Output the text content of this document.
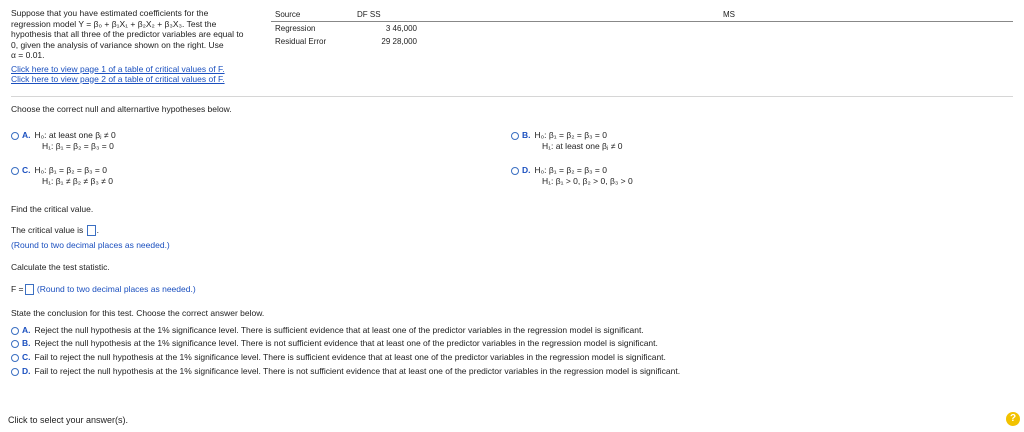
Suppose that you have estimated coefficients for the
regression model Y = β₀ + β₁X₁ + β₂X₂ + β₃X₃. Test the
hypothesis that all three of the predictor variables are equal to
0, given the analysis of variance shown on the right. Use
α = 0.01.
Click here to view page 1 of a table of critical values of F.
Click here to view page 2 of a table of critical values of F.
Source	DF SS		MS
Regression	3 46,000		
Residual Error	29 28,000		
Choose the correct null and alternartive hypotheses below.
A. H₀: at least one βⱼ ≠ 0
H₁: β₁ = β₂ = β₃ = 0
B. H₀: β₁ = β₂ = β₃ = 0
H₁: at least one βⱼ ≠ 0
C. H₀: β₁ = β₂ = β₃ = 0
H₁: β₁ ≠ β₂ ≠ β₃ ≠ 0
D. H₀: β₁ = β₂ = β₃ = 0
H₁: β₁ > 0, β₂ > 0, β₃ > 0
Find the critical value.
The critical value is .
(Round to two decimal places as needed.)
Calculate the test statistic.
F = (Round to two decimal places as needed.)
State the conclusion for this test. Choose the correct answer below.
A. Reject the null hypothesis at the 1% significance level. There is sufficient evidence that at least one of the predictor variables in the regression model is significant.
B. Reject the null hypothesis at the 1% significance level. There is not sufficient evidence that at least one of the predictor variables in the regression model is significant.
C. Fail to reject the null hypothesis at the 1% significance level. There is sufficient evidence that at least one of the predictor variables in the regression model is significant.
D. Fail to reject the null hypothesis at the 1% significance level. There is not sufficient evidence that at least one of the predictor variables in the regression model is significant.
Click to select your answer(s).	?
